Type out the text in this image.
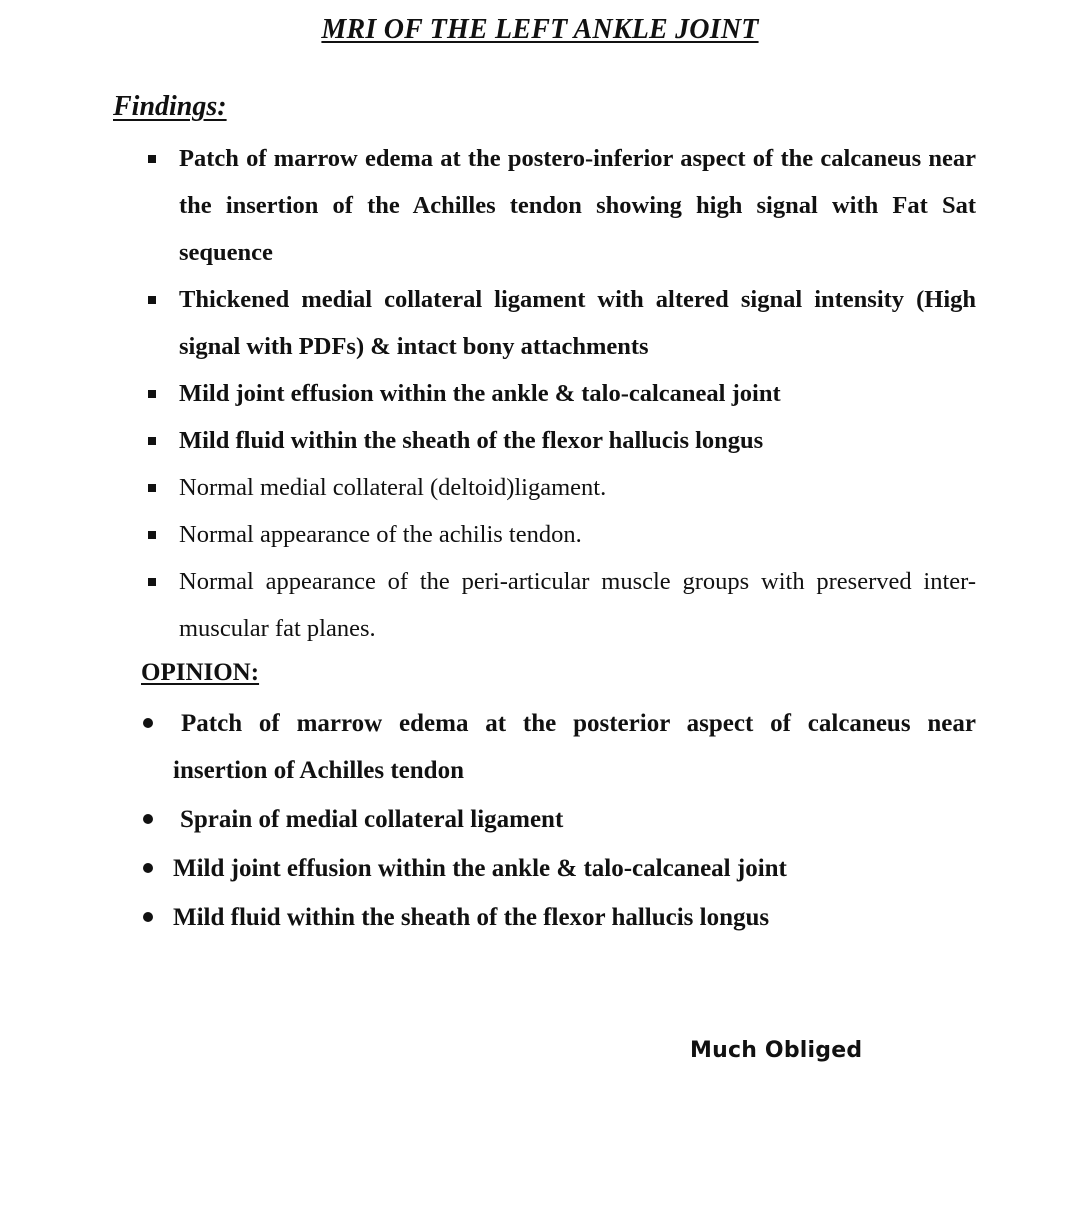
MRI OF THE LEFT ANKLE JOINT
Findings:
Patch of marrow edema at the postero-inferior aspect of the calcaneus near the insertion of the Achilles tendon showing high signal with Fat Sat sequence
Thickened medial collateral ligament with altered signal intensity (High signal with PDFs) & intact bony attachments
Mild joint effusion within the ankle & talo-calcaneal joint
Mild fluid within the sheath of the flexor hallucis longus
Normal medial collateral (deltoid)ligament.
Normal appearance of the achilis tendon.
Normal appearance of the peri-articular muscle groups with preserved inter-muscular fat planes.
OPINION:
Patch of marrow edema at the posterior aspect of calcaneus near
insertion of Achilles tendon
Sprain of medial collateral ligament
Mild joint effusion within the ankle & talo-calcaneal joint
Mild fluid within the sheath of the flexor hallucis longus
Much Obliged
